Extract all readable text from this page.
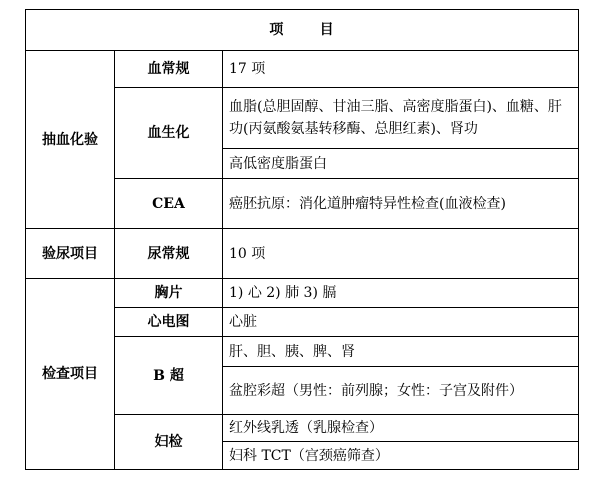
项      目		
抽血化验	血常规	17 项
	血生化	血脂(总胆固醇、甘油三脂、高密度脂蛋白)、血糖、肝功(丙氨酸氨基转移酶、总胆红素)、肾功
		高低密度脂蛋白
	CEA	癌胚抗原：消化道肿瘤特异性检查(血液检查)
验尿项目	尿常规	10 项
检查项目	胸片	1) 心 2) 肺 3) 膈
	心电图	心脏
	B 超	肝、胆、胰、脾、肾
		盆腔彩超（男性：前列腺；女性：子宫及附件）
	妇检	红外线乳透（乳腺检查）
		妇科 TCT（宫颈癌筛查）
